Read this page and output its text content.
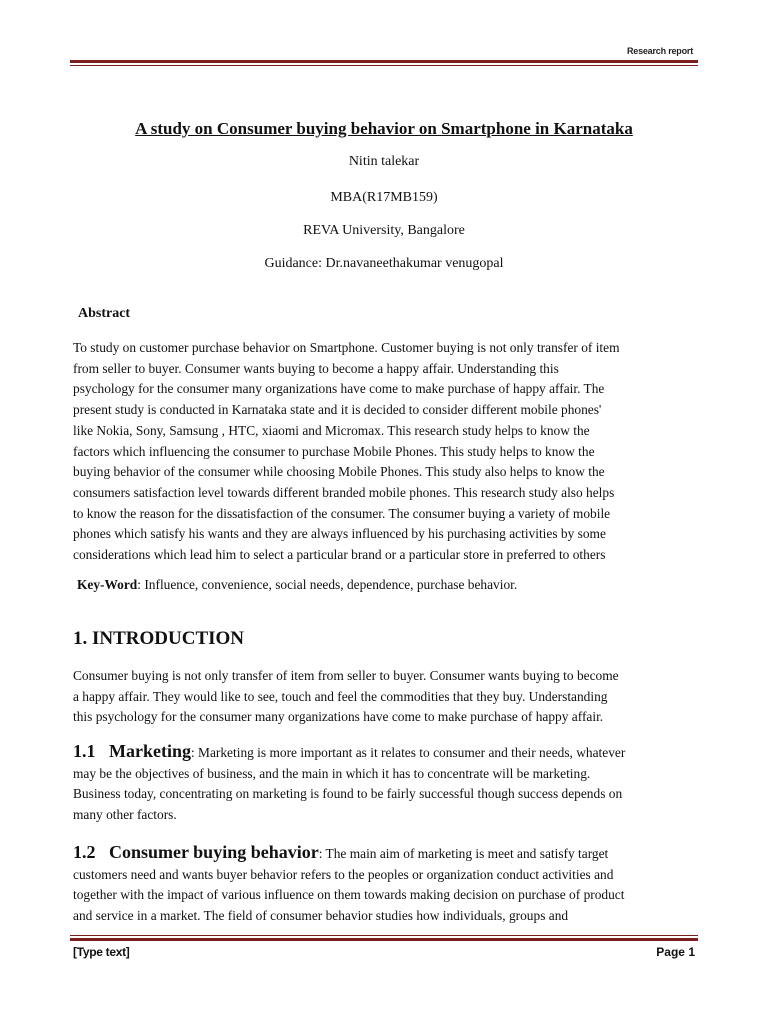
Research report
A study on Consumer buying behavior on Smartphone in Karnataka
Nitin talekar
MBA(R17MB159)
REVA University, Bangalore
Guidance: Dr.navaneethakumar venugopal
Abstract
To study on customer purchase behavior on Smartphone. Customer buying is not only transfer of item
from seller to buyer. Consumer wants buying to become a happy affair. Understanding this
psychology for the consumer many organizations have come to make purchase of happy affair. The
present study is conducted in Karnataka state and it is decided to consider different mobile phones'
like Nokia, Sony, Samsung , HTC, xiaomi and Micromax. This research study helps to know the
factors which influencing the consumer to purchase Mobile Phones. This study helps to know the
buying behavior of the consumer while choosing Mobile Phones. This study also helps to know the
consumers satisfaction level towards different branded mobile phones. This research study also helps
to know the reason for the dissatisfaction of the consumer. The consumer buying a variety of mobile
phones which satisfy his wants and they are always influenced by his purchasing activities by some
considerations which lead him to select a particular brand or a particular store in preferred to others
Key-Word: Influence, convenience, social needs, dependence, purchase behavior.
1. INTRODUCTION
Consumer buying is not only transfer of item from seller to buyer. Consumer wants buying to become
a happy affair. They would like to see, touch and feel the commodities that they buy. Understanding
this psychology for the consumer many organizations have come to make purchase of happy affair.
1.1 Marketing: Marketing is more important as it relates to consumer and their needs, whatever
may be the objectives of business, and the main in which it has to concentrate will be marketing.
Business today, concentrating on marketing is found to be fairly successful though success depends on
many other factors.
1.2 Consumer buying behavior: The main aim of marketing is meet and satisfy target
customers need and wants buyer behavior refers to the peoples or organization conduct activities and
together with the impact of various influence on them towards making decision on purchase of product
and service in a market. The field of consumer behavior studies how individuals, groups and
[Type text]	Page 1
